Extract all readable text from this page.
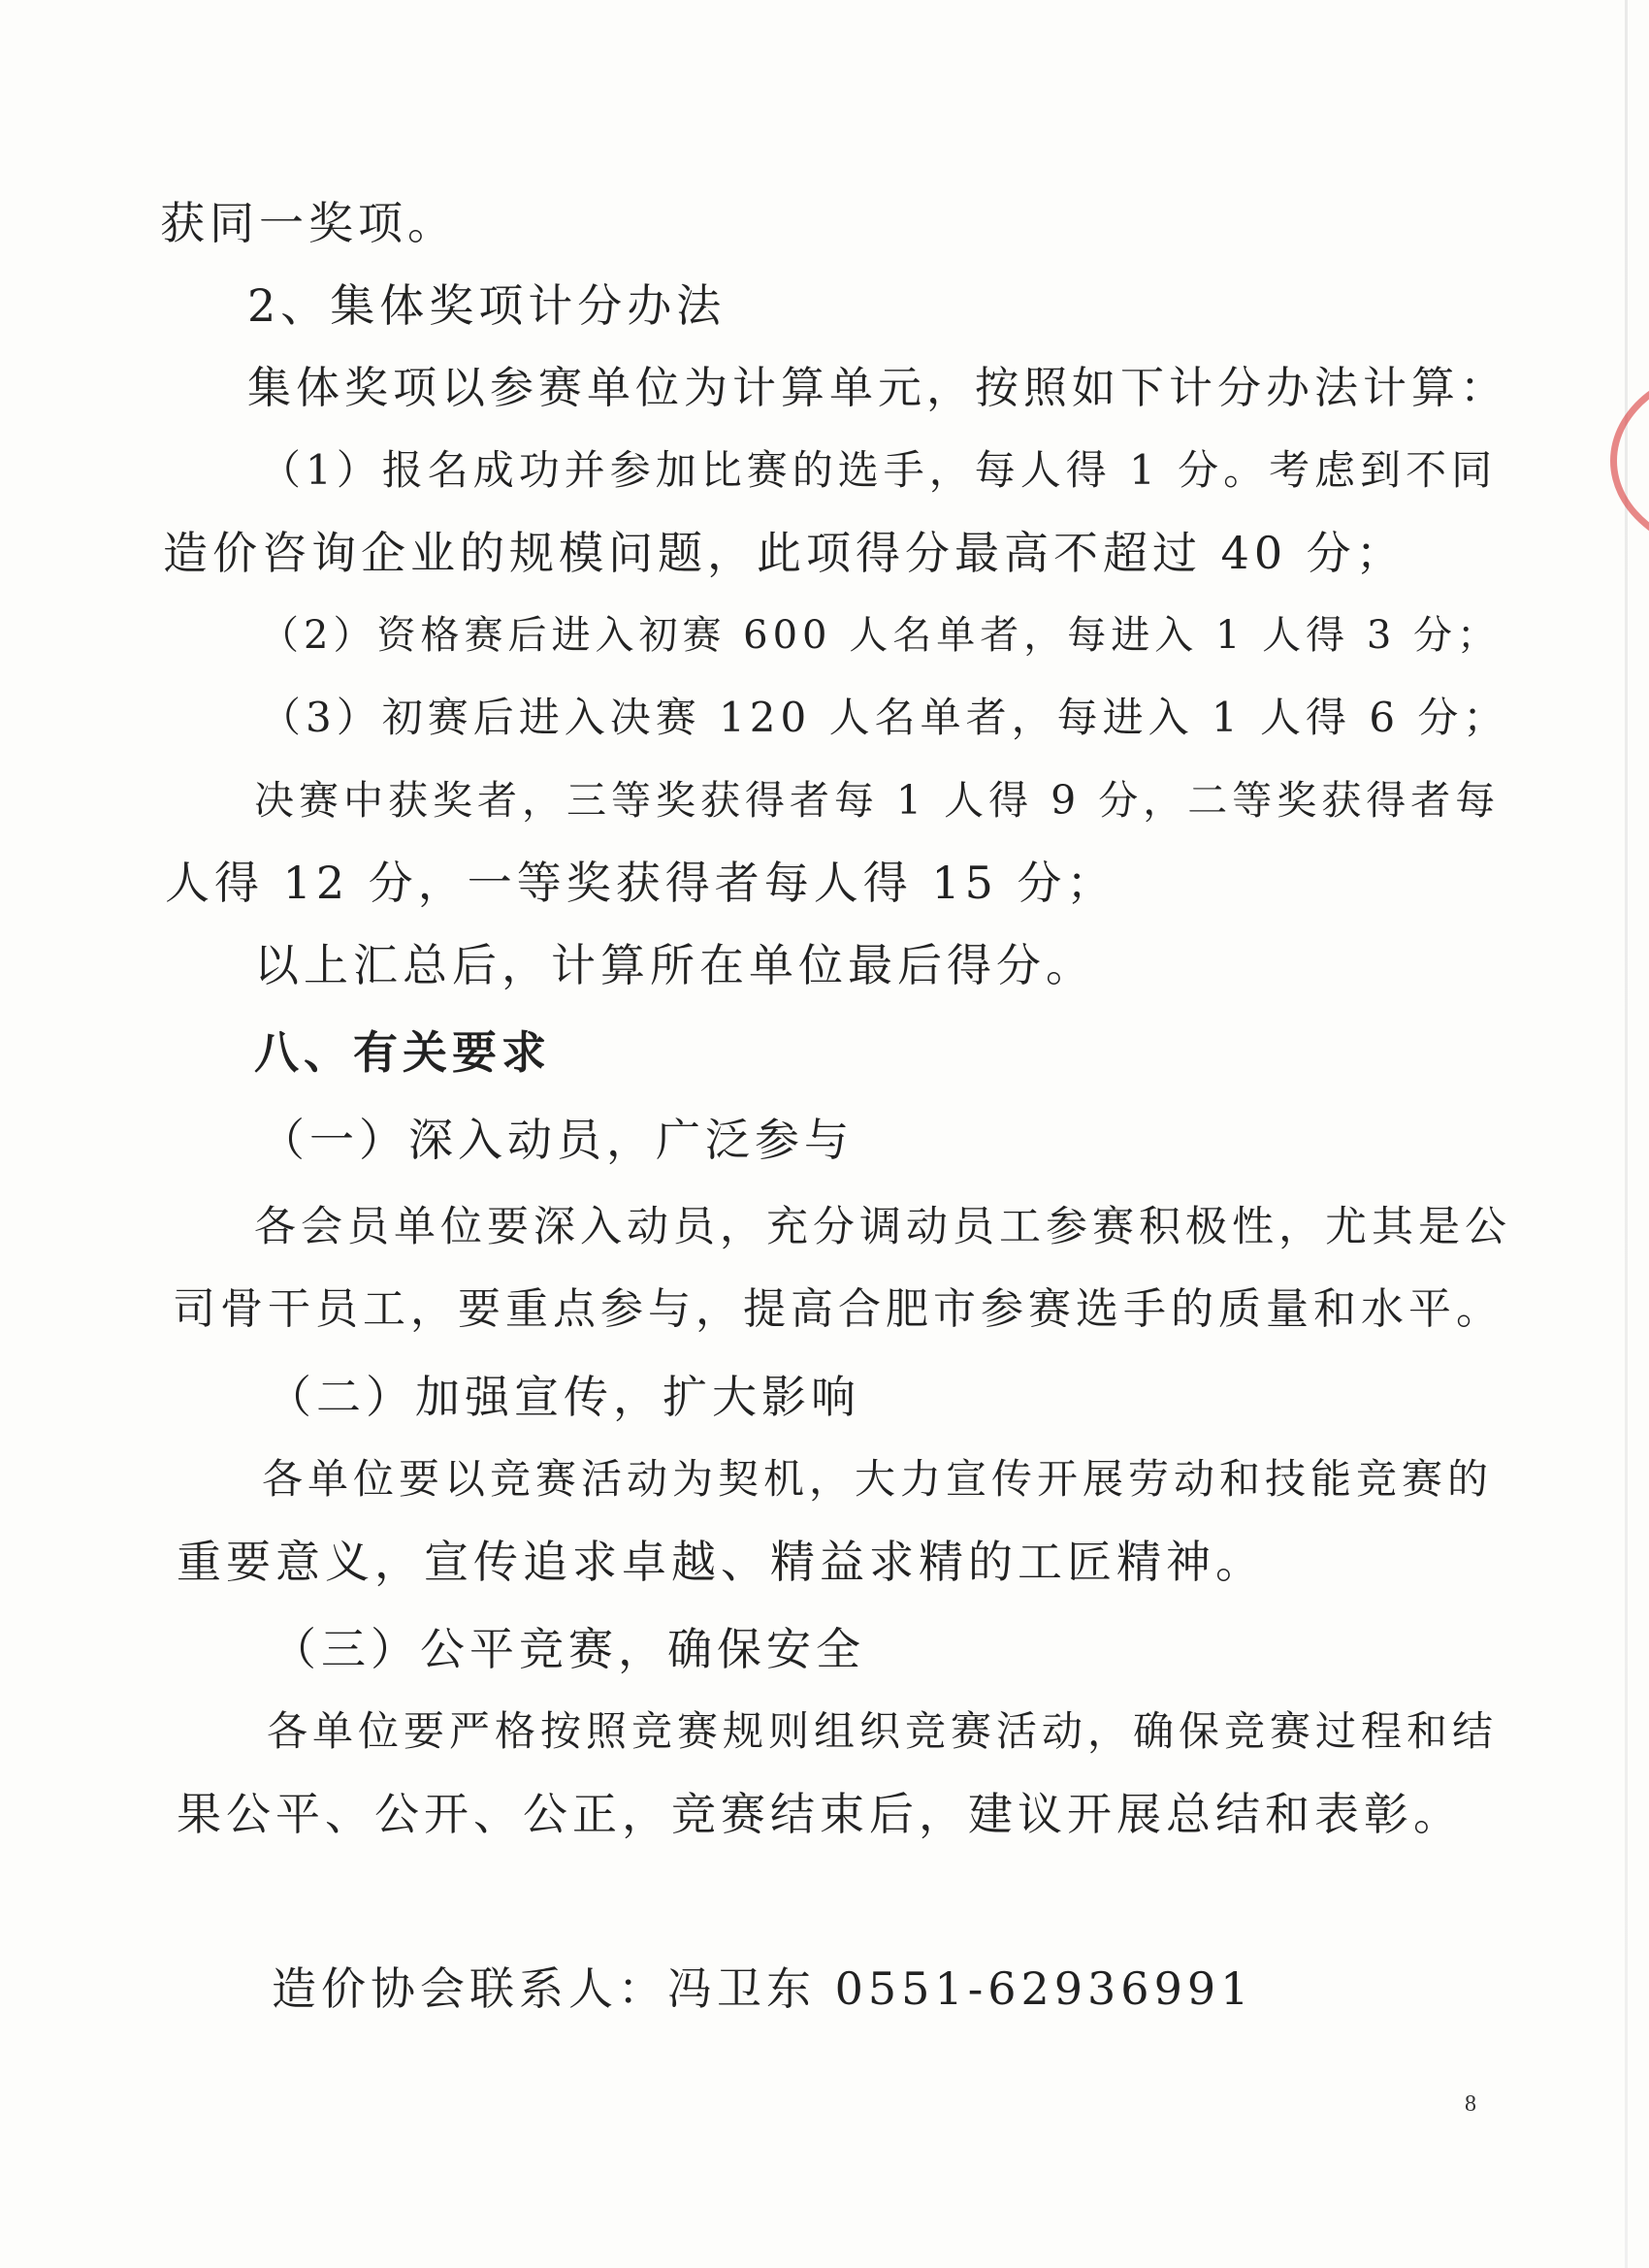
获同一奖项。
2、集体奖项计分办法
集体奖项以参赛单位为计算单元，按照如下计分办法计算：
（1）报名成功并参加比赛的选手，每人得 1 分。考虑到不同
造价咨询企业的规模问题，此项得分最高不超过 40 分；
（2）资格赛后进入初赛 600 人名单者，每进入 1 人得 3 分；
（3）初赛后进入决赛 120 人名单者，每进入 1 人得 6 分；
决赛中获奖者，三等奖获得者每 1 人得 9 分，二等奖获得者每
人得 12 分，一等奖获得者每人得 15 分；
以上汇总后，计算所在单位最后得分。
八、有关要求
（一）深入动员，广泛参与
各会员单位要深入动员，充分调动员工参赛积极性，尤其是公
司骨干员工，要重点参与，提高合肥市参赛选手的质量和水平。
（二）加强宣传，扩大影响
各单位要以竞赛活动为契机，大力宣传开展劳动和技能竞赛的
重要意义，宣传追求卓越、精益求精的工匠精神。
（三）公平竞赛，确保安全
各单位要严格按照竞赛规则组织竞赛活动，确保竞赛过程和结
果公平、公开、公正，竞赛结束后，建议开展总结和表彰。
造价协会联系人：冯卫东 0551-62936991
8
